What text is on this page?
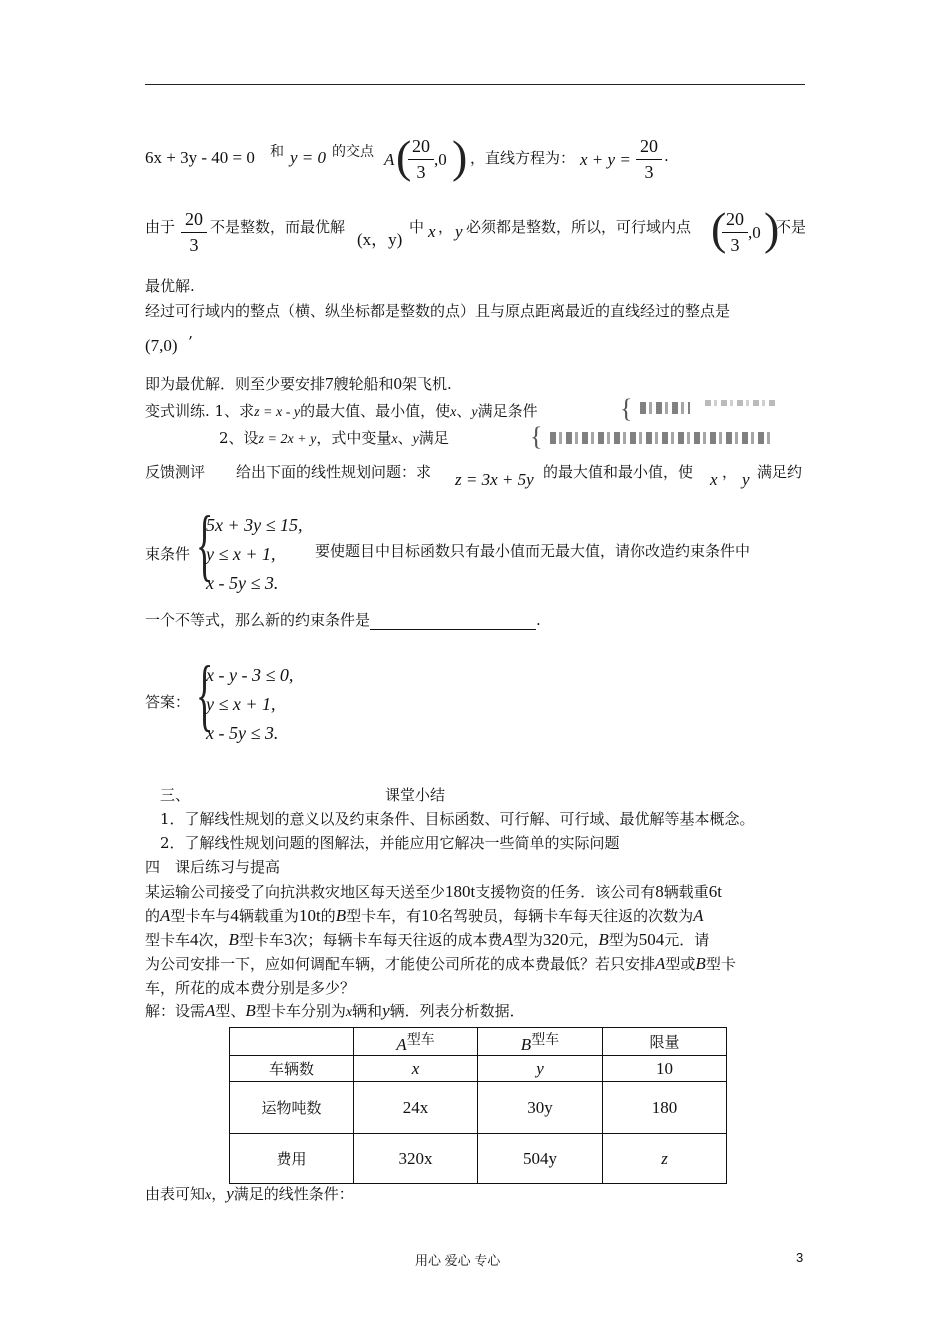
6x + 3y - 40 = 0 和 y = 0 的交点 A ( 20
3
,0 ) ，直线方程为： x + y =
20
3
.
由于 20
3
不是整数，而最优解
(x，y)
中 x ， y 必须都是整数，所以，可行域内点 ( 20
3
,0 )
不是
最优解.
经过可行域内的整点（横、纵坐标都是整数的点）且与原点距离最近的直线经过的整点是
(7,0) ’
即为最优解．则至少要安排7艘轮船和0架飞机.
变式训练. 1、求z = x - y的最大值、最小值，使x、y满足条件	{
2、设z = 2x + y，式中变量x、y满足	{
反馈测评 给出下面的线性规划问题：求 z = 3x + 5y 的最大值和最小值，使 x ， y 满足约
束条件 {
5x + 3y ≤ 15,
y ≤ x + 1,
x - 5y ≤ 3.
要使题目中目标函数只有最小值而无最大值，请你改造约束条件中
一个不等式，那么新的约束条件是	.
答案： {
x - y - 3 ≤ 0,
y ≤ x + 1,
x - 5y ≤ 3.
三、	课堂小结
1．了解线性规划的意义以及约束条件、目标函数、可行解、可行域、最优解等基本概念。
2．了解线性规划问题的图解法，并能应用它解决一些简单的实际问题
四　课后练习与提高
某运输公司接受了向抗洪救灾地区每天送至少180t支援物资的任务．该公司有8辆载重6t
的A型卡车与4辆载重为10t的B型卡车，有10名驾驶员，每辆卡车每天往返的次数为A
型卡车4次，B型卡车3次；每辆卡车每天往返的成本费A型为320元，B型为504元．请
为公司安排一下，应如何调配车辆，才能使公司所花的成本费最低？若只安排A型或B型卡
车，所花的成本费分别是多少？
解：设需A型、B型卡车分别为x辆和y辆．列表分析数据．
	A型车	B型车	限量
车辆数	x	y	10
运物吨数	24x	30y	180
费用	320x	504y	z
由表可知x，y满足的线性条件：
用心 爱心 专心	3
